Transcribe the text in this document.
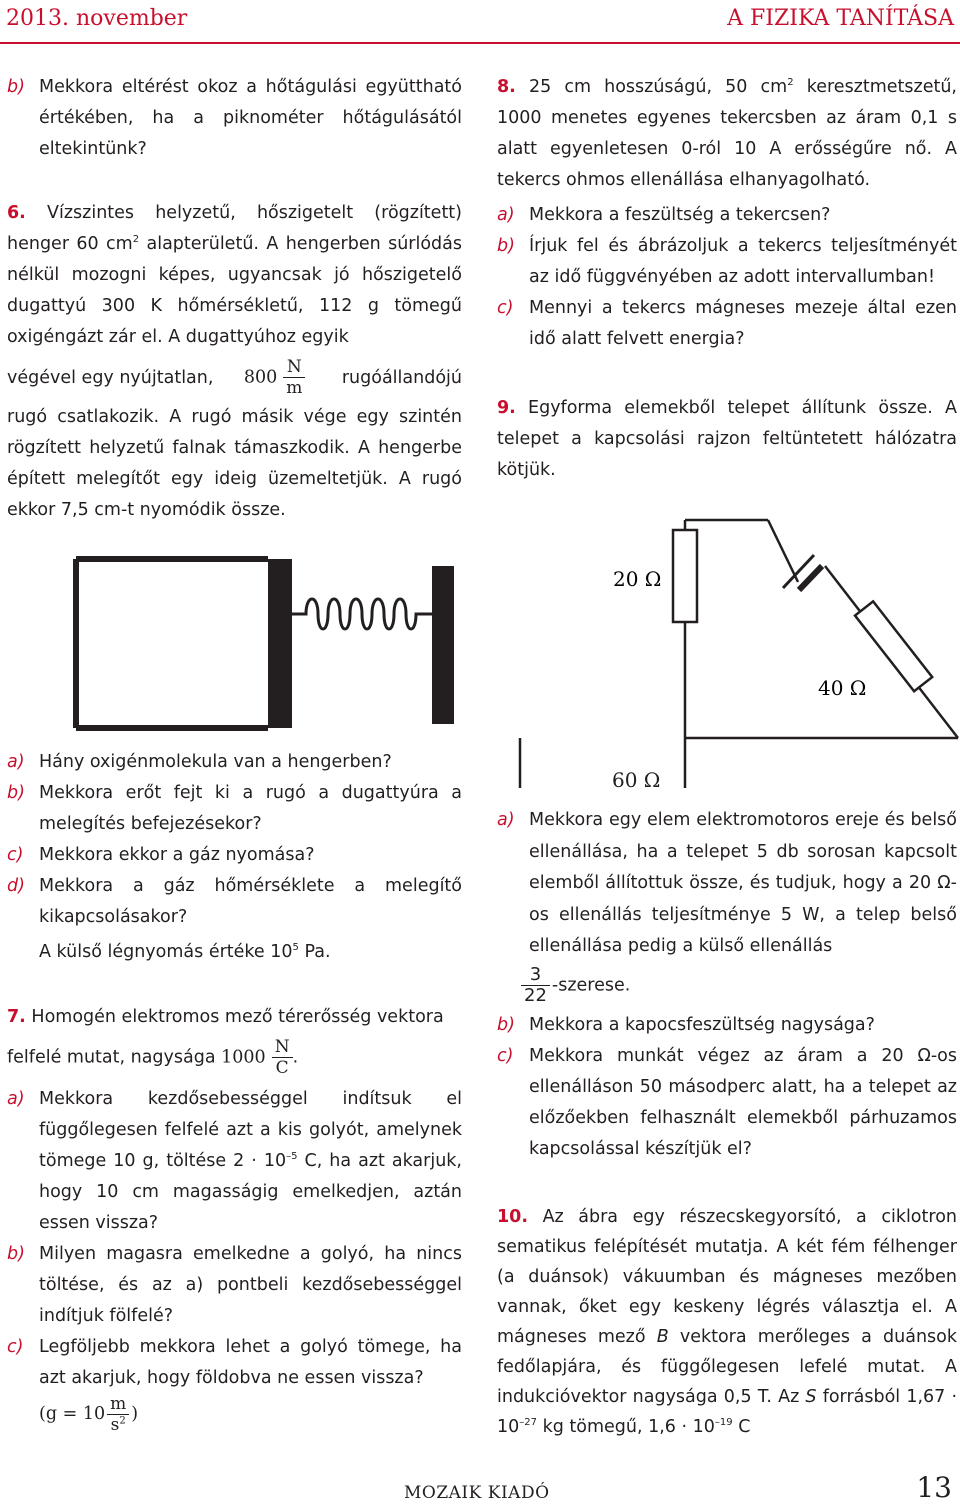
2013. november	A FIZIKA TANÍTÁSA

b) Mekkora eltérést okoz a hőtágulási együttható értékében, ha a piknométer hőtágulásától eltekintünk?

6. Vízszintes helyzetű, hőszigetelt (rögzített) henger 60 $cm^2$ alapterületű. A hengerben súrlódás nélkül mozogni képes, ugyancsak jó hőszigetelő dugattyú 300 K hőmérsékletű, 112 g tömegű oxigéngázt zár el. A dugattyúhoz egyik

végével egy nyújtatlan, $800 \frac{N}{m}$ rugóállandójú

rugó csatlakozik. A rugó másik vége egy szintén rögzített helyzetű falnak támaszkodik. A hengerbe épített melegítőt egy ideig üzemeltetjük. A rugó ekkor 7,5 cm-t nyomódik össze.

a) Hány oxigénmolekula van a hengerben?

b) Mekkora erőt fejt ki a rugó a dugattyúra a melegítés befejezésekor?

c) Mekkora ekkor a gáz nyomása?

d) Mekkora a gáz hőmérséklete a melegítő kikapcsolásakor?

A külső légnyomás értéke $10^5$ Pa.

7. Homogén elektromos mező térerősség vektora

felfelé mutat, nagysága $1000 \frac{N}{C}$ .

a) Mekkora kezdősebességgel indítsuk el függőlegesen felfelé azt a kis golyót, amelynek tömege 10 g, töltése $2 \cdot 10^{-5}$ C, ha azt akarjuk, hogy 10 cm magasságig emelkedjen, aztán essen vissza?

b) Milyen magasra emelkedne a golyó, ha nincs töltése, és az a) pontbeli kezdősebességgel indítjuk fölfelé?

c) Legföljebb mekkora lehet a golyó tömege, ha azt akarjuk, hogy földobva ne essen vissza?

($g = 10 \frac{m}{s^2}$ )

8. 25 cm hosszúságú, 50 $cm^2$ keresztmetszetű, 1000 menetes egyenes tekercsben az áram 0,1 s alatt egyenletesen 0-ról 10 A erősségűre nő. A tekercs ohmos ellenállása elhanyagolható.

a) Mekkora a feszültség a tekercsen?

b) Írjuk fel és ábrázoljuk a tekercs teljesítményét az idő függvényében az adott intervallumban!

c) Mennyi a tekercs mágneses mezeje által ezen idő alatt felvett energia?

9. Egyforma elemekből telepet állítunk össze. A telepet a kapcsolási rajzon feltüntetett hálózatra kötjük.

20 Ω
40 Ω
60 Ω

a) Mekkora egy elem elektromotoros ereje és belső ellenállása, ha a telepet 5 db sorosan kapcsolt elemből állítottuk össze, és tudjuk, hogy a 20 Ω-os ellenállás teljesítménye 5 W, a telep belső ellenállása pedig a külső ellenállás

$\frac{3}{22}$ -szerese.

b) Mekkora a kapocsfeszültség nagysága?

c) Mekkora munkát végez az áram a 20 Ω-os ellenálláson 50 másodperc alatt, ha a telepet az előzőekben felhasznált elemekből párhuzamos kapcsolással készítjük el?

10. Az ábra egy részecskegyorsító, a ciklotron sematikus felépítését mutatja. A két fém félhenger (a duánsok) vákuumban és mágneses mezőben vannak, őket egy keskeny légrés választja el. A mágneses mező B vektora merőleges a duánsok fedőlapjára, és függőlegesen lefelé mutat. A indukcióvektor nagysága 0,5 T. Az S forrásból $1,67 \cdot 10^{-27}$ kg tömegű, $1,6 \cdot 10^{-19}$ C

MOZAIK KIADÓ	13
